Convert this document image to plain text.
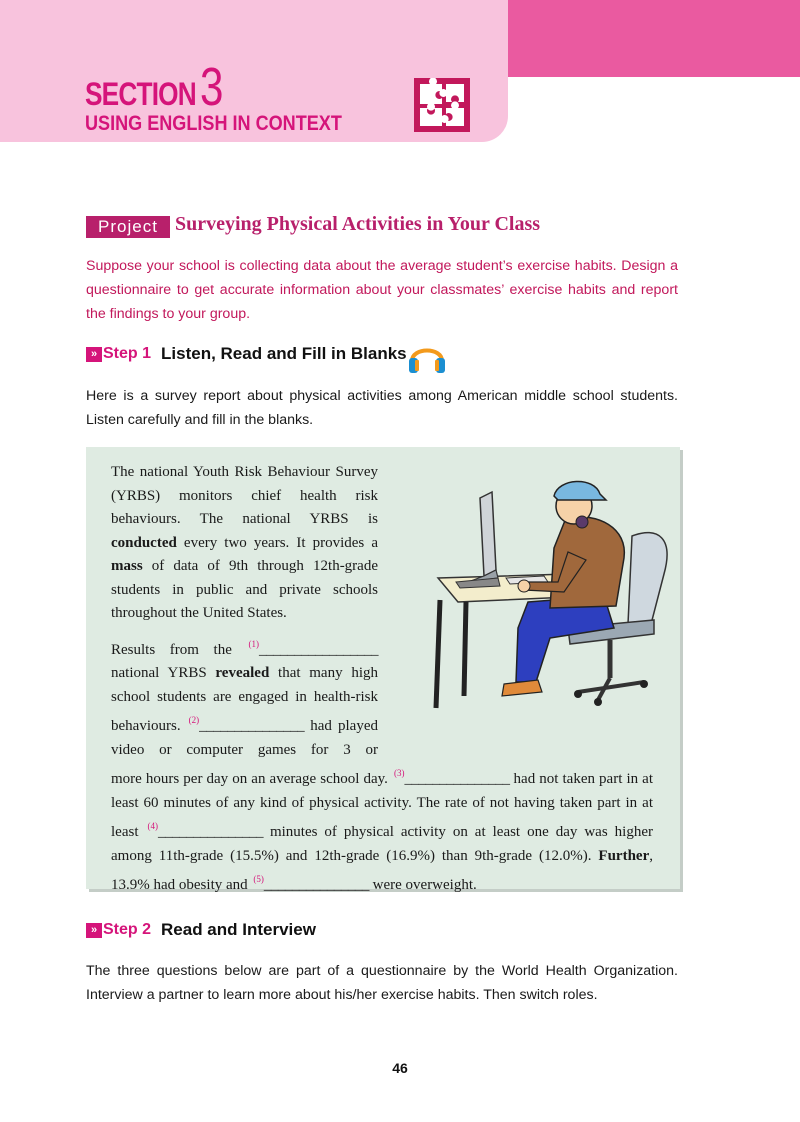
SECTION 3
USING ENGLISH IN CONTEXT
Project Surveying Physical Activities in Your Class
Suppose your school is collecting data about the average student’s exercise habits. Design a questionnaire to get accurate information about your classmates’ exercise habits and report the findings to your group.
» Step 1 Listen, Read and Fill in Blanks
Here is a survey report about physical activities among American middle school students. Listen carefully and fill in the blanks.

The national Youth Risk Behaviour Survey (YRBS) monitors chief health risk behaviours. The national YRBS is conducted every two years. It provides a mass of data of 9th through 12th-grade students in public and private schools throughout the United States.

Results from the $^{(1)}$_________________ national YRBS revealed that many high school students are engaged in health-risk behaviours. $^{(2)}$_______________ had played video or computer games for 3 or

more hours per day on an average school day. $^{(3)}$_______________ had not taken part in at least 60 minutes of any kind of physical activity. The rate of not having taken part in at least $^{(4)}$_______________ minutes of physical activity on at least one day was higher among 11th-grade (15.5%) and 12th-grade (16.9%) than 9th-grade (12.0%). Further, 13.9% had obesity and $^{(5)}$_______________ were overweight.

» Step 2 Read and Interview
The three questions below are part of a questionnaire by the World Health Organization. Interview a partner to learn more about his/her exercise habits. Then switch roles.
46
